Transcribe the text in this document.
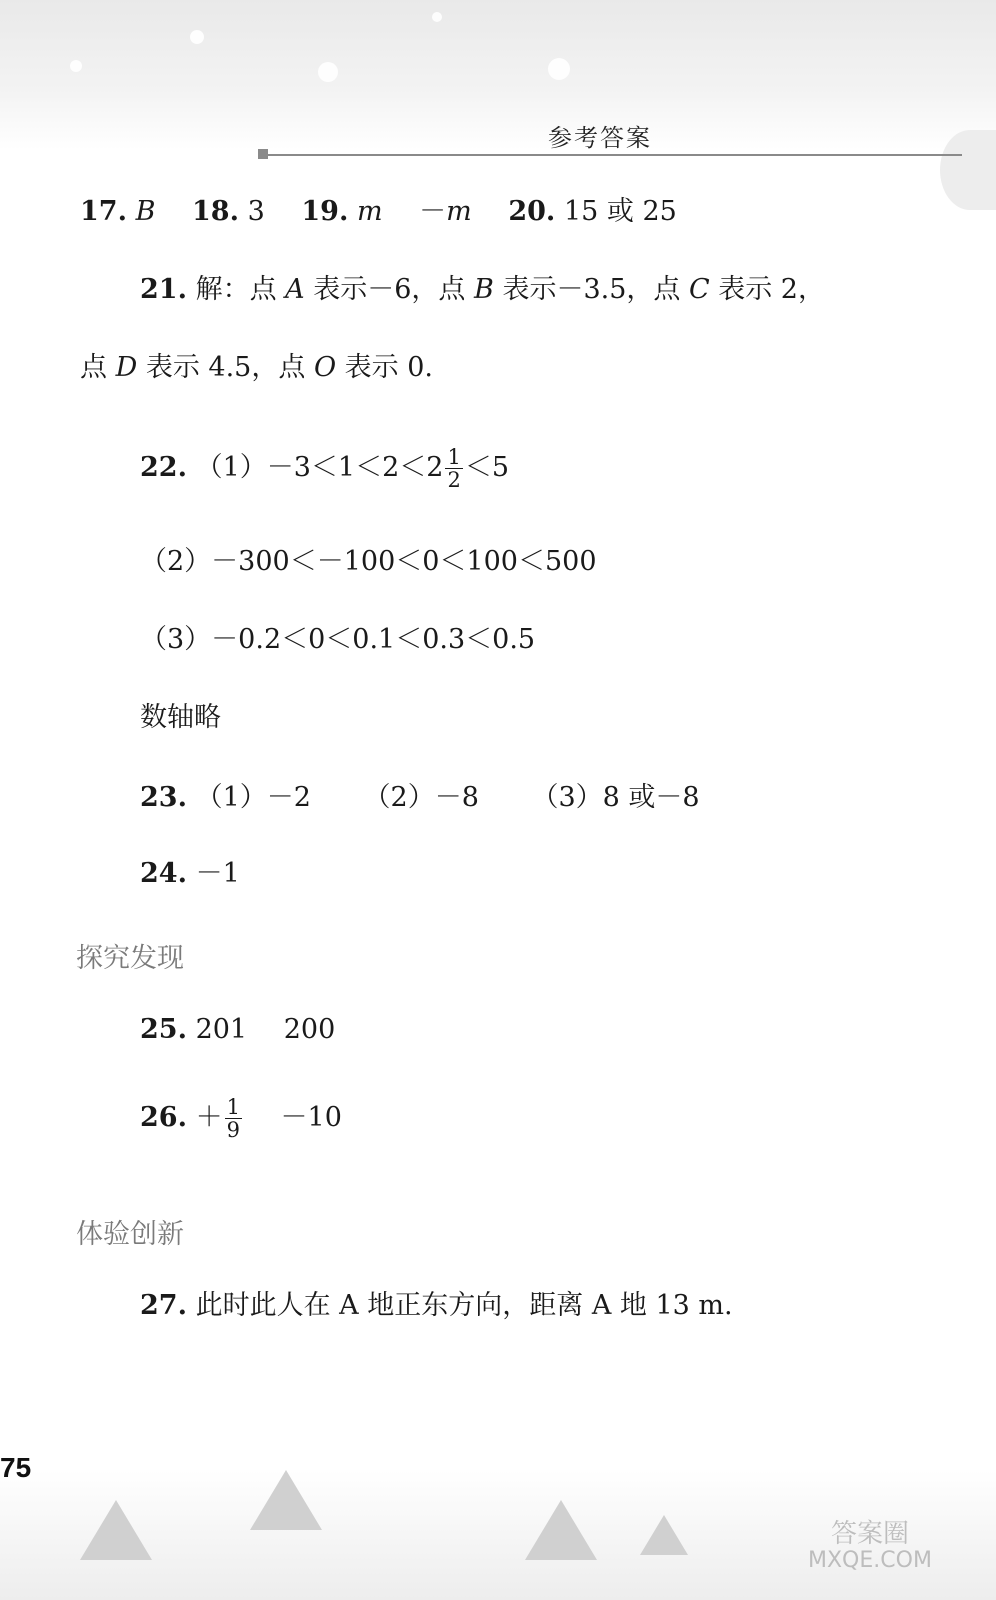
参考答案
17. B 18. 3 19. m －m 20. 15 或 25
21. 解：点 A 表示－6，点 B 表示－3.5，点 C 表示 2，
点 D 表示 4.5，点 O 表示 0.
22. $(1)-3<1<2<2 \frac{1}{2} <5$
（2）－300＜－100＜0＜100＜500
（3）－0.2＜0＜0.1＜0.3＜0.5
数轴略
23. （1）－2 （2）－8 （3）8 或－8
24. －1
探究发现
25. 201 200
26. ＋ $\frac{1}{9} -10$
体验创新
27. 此时此人在 A 地正东方向，距离 A 地 13 m.
75
答案圈
MXQE.COM
